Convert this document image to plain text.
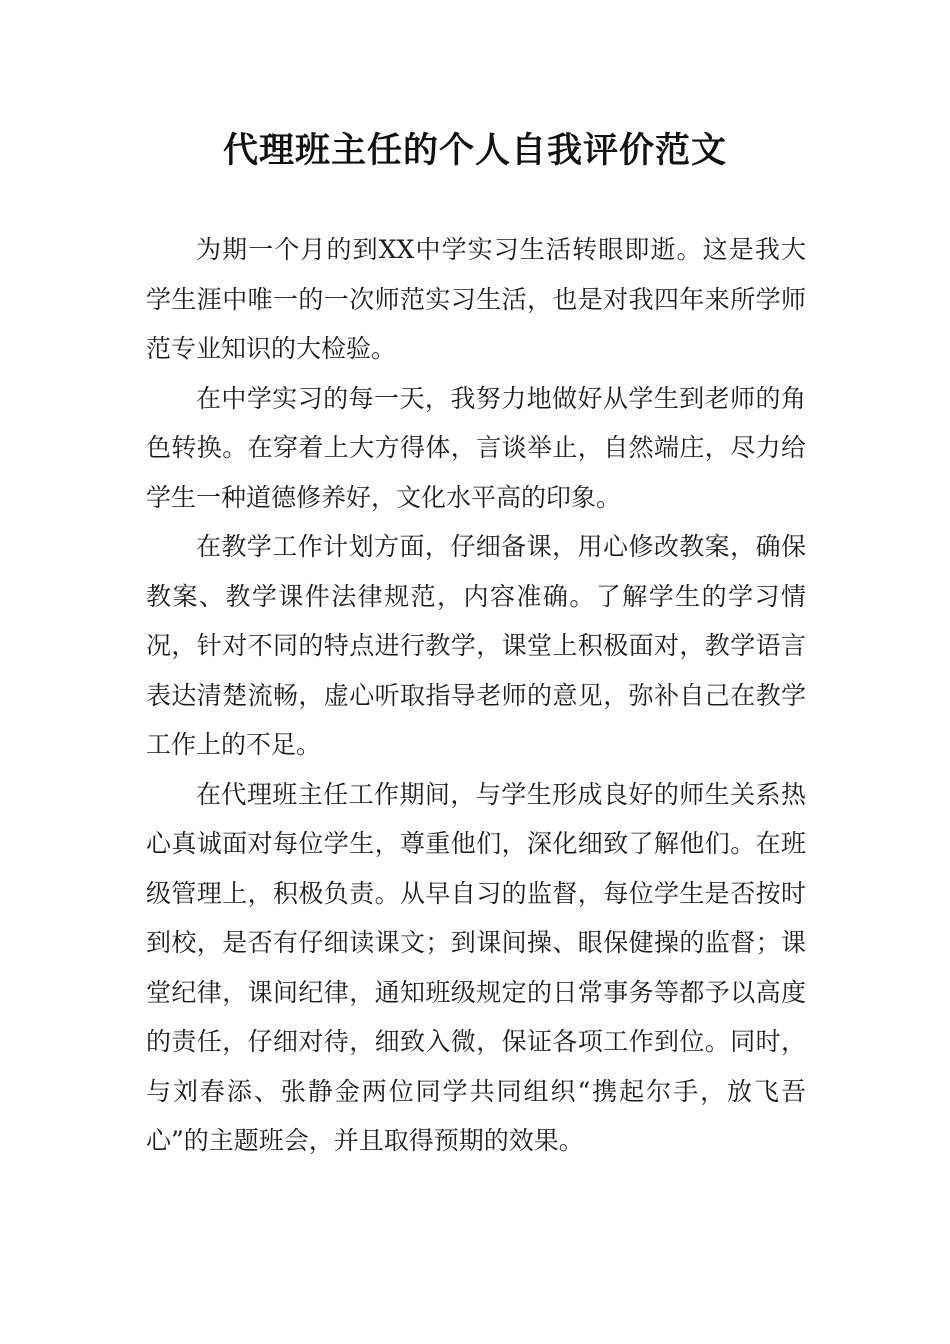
代理班主任的个人自我评价范文

为期一个月的到XX中学实习生活转眼即逝。这是我大学生涯中唯一的一次师范实习生活，也是对我四年来所学师范专业知识的大检验。

在中学实习的每一天，我努力地做好从学生到老师的角色转换。在穿着上大方得体，言谈举止，自然端庄，尽力给学生一种道德修养好，文化水平高的印象。

在教学工作计划方面，仔细备课，用心修改教案，确保教案、教学课件法律规范，内容准确。了解学生的学习情况，针对不同的特点进行教学，课堂上积极面对，教学语言表达清楚流畅，虚心听取指导老师的意见，弥补自己在教学工作上的不足。

在代理班主任工作期间，与学生形成良好的师生关系热心真诚面对每位学生，尊重他们，深化细致了解他们。在班级管理上，积极负责。从早自习的监督，每位学生是否按时到校，是否有仔细读课文；到课间操、眼保健操的监督；课堂纪律，课间纪律，通知班级规定的日常事务等都予以高度的责任，仔细对待，细致入微，保证各项工作到位。同时，与刘春添、张静金两位同学共同组织“携起尔手，放飞吾心”的主题班会，并且取得预期的效果。
